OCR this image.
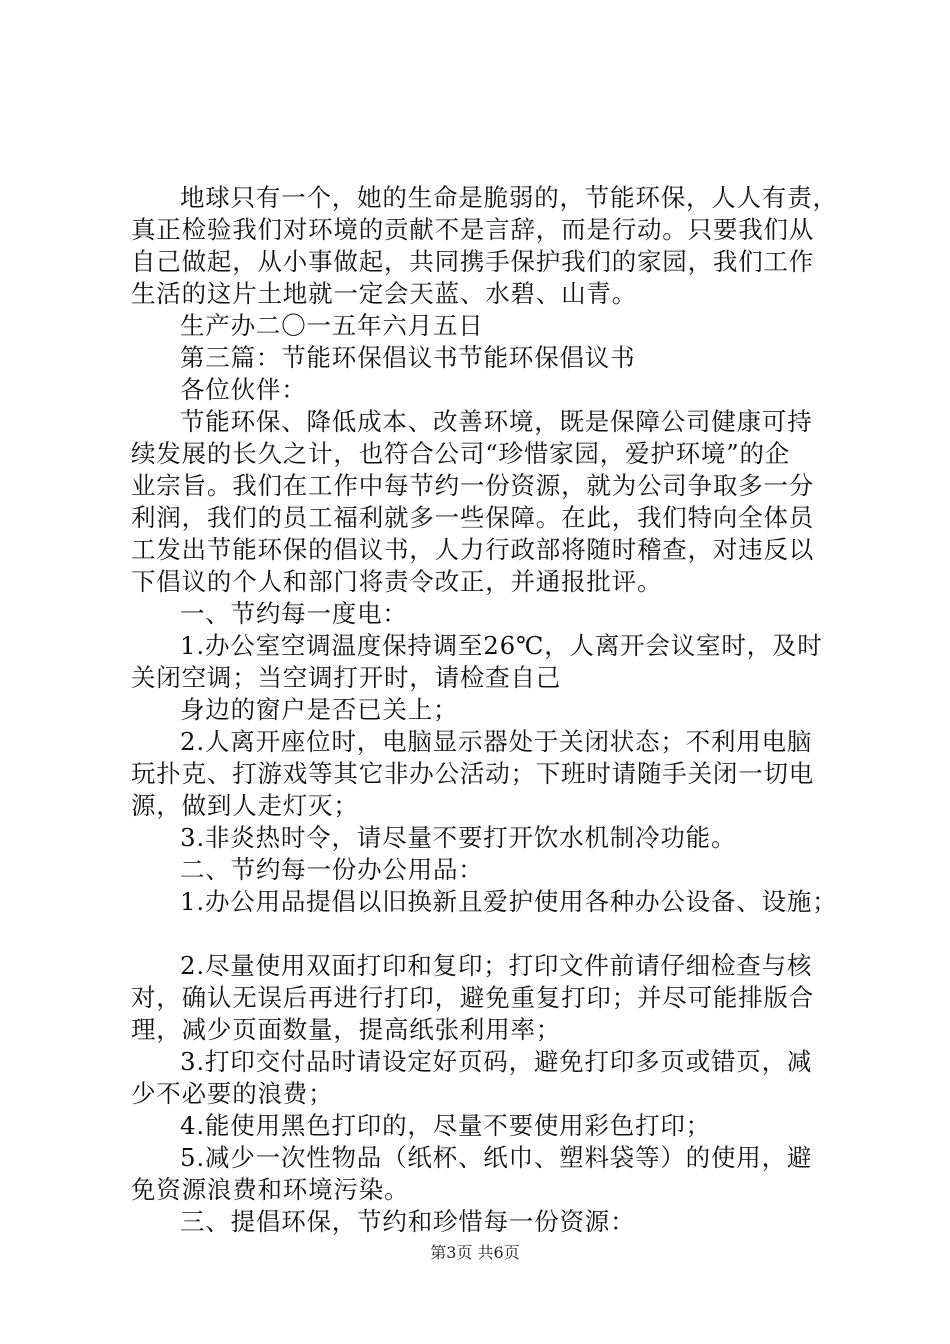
地球只有一个，她的生命是脆弱的，节能环保，人人有责，
真正检验我们对环境的贡献不是言辞，而是行动。只要我们从
自己做起，从小事做起，共同携手保护我们的家园，我们工作
生活的这片土地就一定会天蓝、水碧、山青。
生产办二〇一五年六月五日
第三篇：节能环保倡议书节能环保倡议书
各位伙伴：
节能环保、降低成本、改善环境，既是保障公司健康可持
续发展的长久之计，也符合公司“珍惜家园，爱护环境”的企
业宗旨。我们在工作中每节约一份资源，就为公司争取多一分
利润，我们的员工福利就多一些保障。在此，我们特向全体员
工发出节能环保的倡议书，人力行政部将随时稽查，对违反以
下倡议的个人和部门将责令改正，并通报批评。
一、节约每一度电：
1.办公室空调温度保持调至26℃，人离开会议室时，及时
关闭空调；当空调打开时，请检查自己
身边的窗户是否已关上；
2.人离开座位时，电脑显示器处于关闭状态；不利用电脑
玩扑克、打游戏等其它非办公活动；下班时请随手关闭一切电
源，做到人走灯灭；
3.非炎热时令，请尽量不要打开饮水机制冷功能。
二、节约每一份办公用品：
1.办公用品提倡以旧换新且爱护使用各种办公设备、设施；
2.尽量使用双面打印和复印；打印文件前请仔细检查与核
对，确认无误后再进行打印，避免重复打印；并尽可能排版合
理，减少页面数量，提高纸张利用率；
3.打印交付品时请设定好页码，避免打印多页或错页，减
少不必要的浪费；
4.能使用黑色打印的，尽量不要使用彩色打印；
5.减少一次性物品（纸杯、纸巾、塑料袋等）的使用，避
免资源浪费和环境污染。
三、提倡环保，节约和珍惜每一份资源：
第3页 共6页
